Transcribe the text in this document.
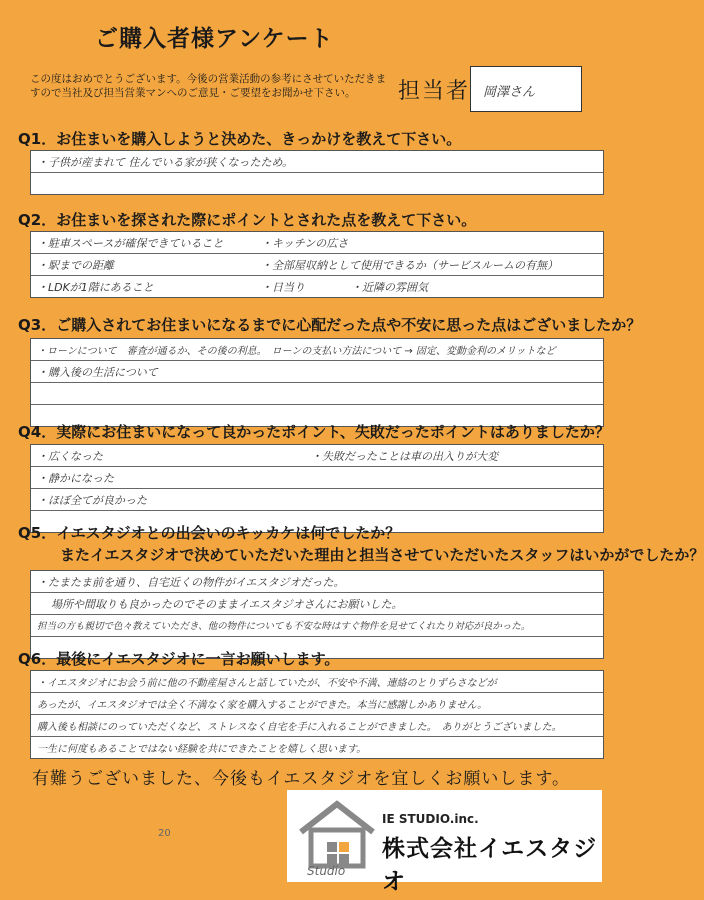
ご購入者様アンケート
この度はおめでとうございます。今後の営業活動の参考にさせていただきますので当社及び担当営業マンへのご意見・ご要望をお聞かせ下さい。	担当者 岡澤さん
Q1．お住まいを購入しようと決めた、きっかけを教えて下さい。
・子供が産まれて 住んでいる家が狭くなったため。
Q2．お住まいを探された際にポイントとされた点を教えて下さい。
・駐車スペースが確保できていること	・キッチンの広さ
・駅までの距離	・全部屋収納として使用できるか（サービスルームの有無）
・LDKが1階にあること	・日当り	・近隣の雰囲気
Q3．ご購入されてお住まいになるまでに心配だった点や不安に思った点はございましたか？
・ローンについて　審査が通るか、その後の利息。　ローンの支払い方法について → 固定、変動金利のメリットなど
・購入後の生活について
Q4．実際にお住まいになって良かったポイント、失敗だったポイントはありましたか？
・広くなった	・失敗だったことは車の出入りが大変
・静かになった
・ほぼ全てが良かった
Q5．イエスタジオとの出会いのキッカケは何でしたか？
またイエスタジオで決めていただいた理由と担当させていただいたスタッフはいかがでしたか？
・たまたま前を通り、自宅近くの物件がイエスタジオだった。
場所や間取りも良かったのでそのままイエスタジオさんにお願いした。
担当の方も親切で色々教えていただき、他の物件についても不安な時はすぐ物件を見せてくれたり対応が良かった。
Q6．最後にイエスタジオに一言お願いします。
・イエスタジオにお会う前に他の不動産屋さんと話していたが、不安や不満、連絡のとりずらさなどが
あったが、イエスタジオでは全く不満なく家を購入することができた。本当に感謝しかありません。
購入後も相談にのっていただくなど、ストレスなく自宅を手に入れることができました。　ありがとうございました。
一生に何度もあることではない経験を共にできたことを嬉しく思います。
有難うございました、今後もイエスタジオを宜しくお願いします。
20
Studio
IE STUDIO.inc.
株式会社イエスタジオ
